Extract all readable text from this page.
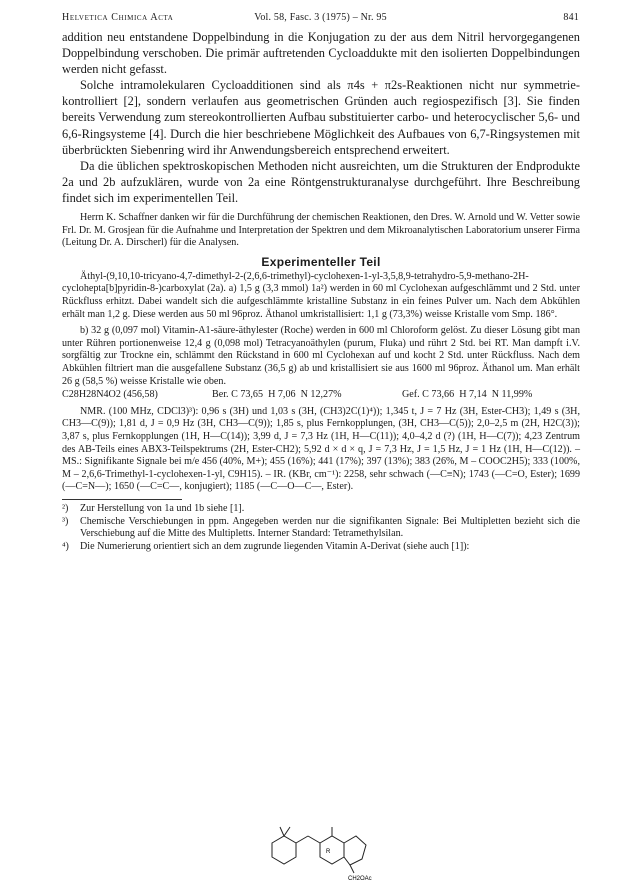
Helvetica Chimica Acta	Vol. 58, Fasc. 3 (1975) – Nr. 95	841

addition neu entstandene Doppelbindung in die Konjugation zu der aus dem Nitril hervorgegangenen Doppelbindung verschoben. Die primär auftretenden Cycloaddukte mit den isolierten Doppelbindungen werden nicht gefasst.

Solche intramolekularen Cycloadditionen sind als π4s + π2s-Reaktionen nicht nur symmetrie-kontrolliert [2], sondern verlaufen aus geometrischen Gründen auch regiospezifisch [3]. Sie finden bereits Verwendung zum stereokontrollierten Aufbau substituierter carbo- und heterocyclischer 5,6- und 6,6-Ringsysteme [4]. Durch die hier beschriebene Möglichkeit des Aufbaues von 6,7-Ringsystemen mit überbrückten Siebenring wird ihr Anwendungsbereich entsprechend erweitert.

Da die üblichen spektroskopischen Methoden nicht ausreichten, um die Strukturen der Endprodukte 2a und 2b aufzuklären, wurde von 2a eine Röntgenstrukturanalyse durchgeführt. Ihre Beschreibung findet sich im experimentellen Teil.

Herrn K. Schaffner danken wir für die Durchführung der chemischen Reaktionen, den Dres. W. Arnold und W. Vetter sowie Frl. Dr. M. Grosjean für die Aufnahme und Interpretation der Spektren und dem Mikroanalytischen Laboratorium unserer Firma (Leitung Dr. A. Dirscherl) für die Analysen.

Experimenteller Teil

Äthyl-(9,10,10-tricyano-4,7-dimethyl-2-(2,6,6-trimethyl)-cyclohexen-1-yl-3,5,8,9-tetrahydro-5,9-methano-2H-cyclohepta[b]pyridin-8-)carboxylat (2a). a) 1,5 g (3,3 mmol) 1a²) werden in 60 ml Cyclohexan aufgeschlämmt und 2 Std. unter Rückfluss erhitzt. Dabei wandelt sich die aufgeschlämmte kristalline Substanz in ein feines Pulver um. Nach dem Abkühlen erhält man 1,2 g. Diese werden aus 50 ml 96proz. Äthanol umkristallisiert: 1,1 g (73,3%) weisse Kristalle vom Smp. 186°.

b) 32 g (0,097 mol) Vitamin-A1-säure-äthylester (Roche) werden in 600 ml Chloroform gelöst. Zu dieser Lösung gibt man unter Rühren portionenweise 12,4 g (0,098 mol) Tetracyanoäthylen (purum, Fluka) und rührt 2 Std. bei RT. Man dampft i.V. sorgfältig zur Trockne ein, schlämmt den Rückstand in 600 ml Cyclohexan auf und kocht 2 Std. unter Rückfluss. Nach dem Abkühlen filtriert man die ausgefallene Substanz (36,5 g) ab und kristallisiert sie aus 1600 ml 96proz. Äthanol um. Man erhält 26 g (58,5 %) weisse Kristalle wie oben.

C28H28N4O2 (456,58)	Ber. C 73,65  H 7,06  N 12,27%	Gef. C 73,66  H 7,14  N 11,99%

NMR. (100 MHz, CDCl3)³): 0,96 s (3H) und 1,03 s (3H, (CH3)2C(1)⁴)); 1,345 t, J = 7 Hz (3H, Ester-CH3); 1,49 s (3H, CH3—C(9)); 1,81 d, J = 0,9 Hz (3H, CH3—C(9)); 1,85 s, plus Fernkopplungen, (3H, CH3—C(5)); 2,0–2,5 m (2H, H2C(3)); 3,87 s, plus Fernkopplungen (1H, H—C(14)); 3,99 d, J = 7,3 Hz (1H, H—C(11)); 4,0–4,2 d (?) (1H, H—C(7)); 4,23 Zentrum des AB-Teils eines ABX3-Teilspektrums (2H, Ester-CH2); 5,92 d × d × q, J = 7,3 Hz, J = 1,5 Hz, J = 1 Hz (1H, H—C(12)). – MS.: Signifikante Signale bei m/e 456 (40%, M+); 455 (16%); 441 (17%); 397 (13%); 383 (26%, M – COOC2H5); 333 (100%, M – 2,6,6-Trimethyl-1-cyclohexen-1-yl, C9H15). – IR. (KBr, cm⁻¹): 2258, sehr schwach (—C≡N); 1743 (—C=O, Ester); 1699 (—C=N—); 1650 (—C=C—, konjugiert); 1185 (—C—O—C—, Ester).

²)	Zur Herstellung von 1a und 1b siehe [1].
³)	Chemische Verschiebungen in ppm. Angegeben werden nur die signifikanten Signale: Bei Multipletten bezieht sich die Verschiebung auf die Mitte des Multipletts. Interner Standard: Tetramethylsilan.
⁴)	Die Numerierung orientiert sich an dem zugrunde liegenden Vitamin A-Derivat (siehe auch [1]):
R
CH2OAc
